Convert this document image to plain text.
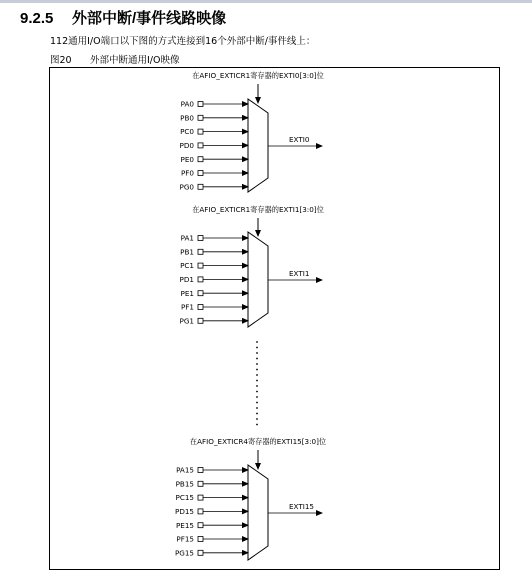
9.2.5 外部中断/事件线路映像
112通用I/O端口以下图的方式连接到16个外部中断/事件线上：
图20 外部中断通用I/O映像
在AFIO_EXTICR1寄存器的EXTI0[3:0]位
PA0
PB0
PC0
PD0
PE0
PF0
PG0
EXTI0
在AFIO_EXTICR1寄存器的EXTI1[3:0]位
PA1
PB1
PC1
PD1
PE1
PF1
PG1
EXTI1
在AFIO_EXTICR4寄存器的EXTI15[3:0]位
PA15
PB15
PC15
PD15
PE15
PF15
PG15
EXTI15
